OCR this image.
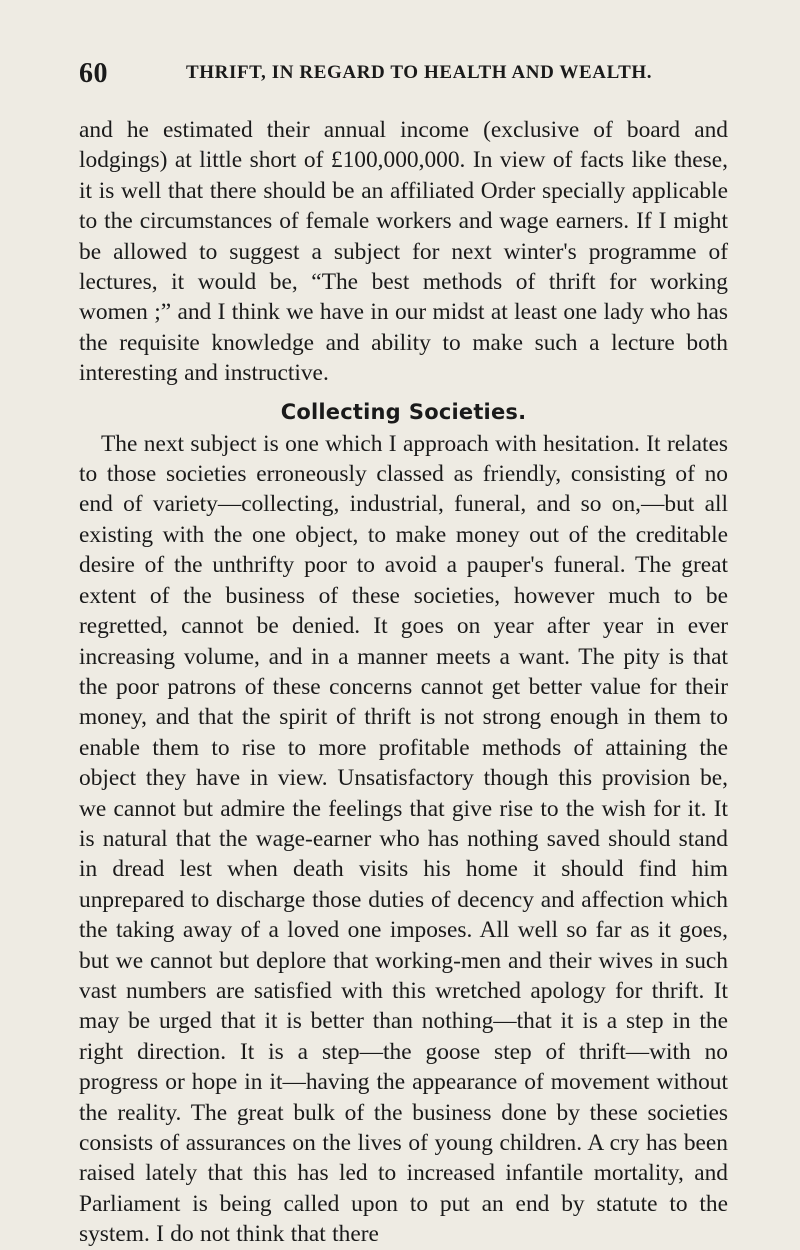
60	THRIFT, IN REGARD TO HEALTH AND WEALTH.

and he estimated their annual income (exclusive of board and lodgings) at little short of £100,000,000. In view of facts like these, it is well that there should be an affiliated Order specially applicable to the circumstances of female workers and wage earners. If I might be allowed to suggest a subject for next winter's programme of lectures, it would be, “The best methods of thrift for working women ;” and I think we have in our midst at least one lady who has the requisite knowledge and ability to make such a lecture both interesting and instructive.

Collecting Societies.

The next subject is one which I approach with hesitation. It relates to those societies erroneously classed as friendly, consisting of no end of variety—collecting, industrial, funeral, and so on,—but all existing with the one object, to make money out of the creditable desire of the unthrifty poor to avoid a pauper's funeral. The great extent of the business of these societies, however much to be regretted, cannot be denied. It goes on year after year in ever increasing volume, and in a manner meets a want. The pity is that the poor patrons of these concerns cannot get better value for their money, and that the spirit of thrift is not strong enough in them to enable them to rise to more profitable methods of attaining the object they have in view. Unsatisfactory though this provision be, we cannot but admire the feelings that give rise to the wish for it. It is natural that the wage-earner who has nothing saved should stand in dread lest when death visits his home it should find him unprepared to discharge those duties of decency and affection which the taking away of a loved one imposes. All well so far as it goes, but we cannot but deplore that working-men and their wives in such vast numbers are satisfied with this wretched apology for thrift. It may be urged that it is better than nothing—that it is a step in the right direction. It is a step—the goose step of thrift—with no progress or hope in it—having the appearance of movement without the reality. The great bulk of the business done by these societies consists of assurances on the lives of young children. A cry has been raised lately that this has led to increased infantile mortality, and Parliament is being called upon to put an end by statute to the system. I do not think that there
